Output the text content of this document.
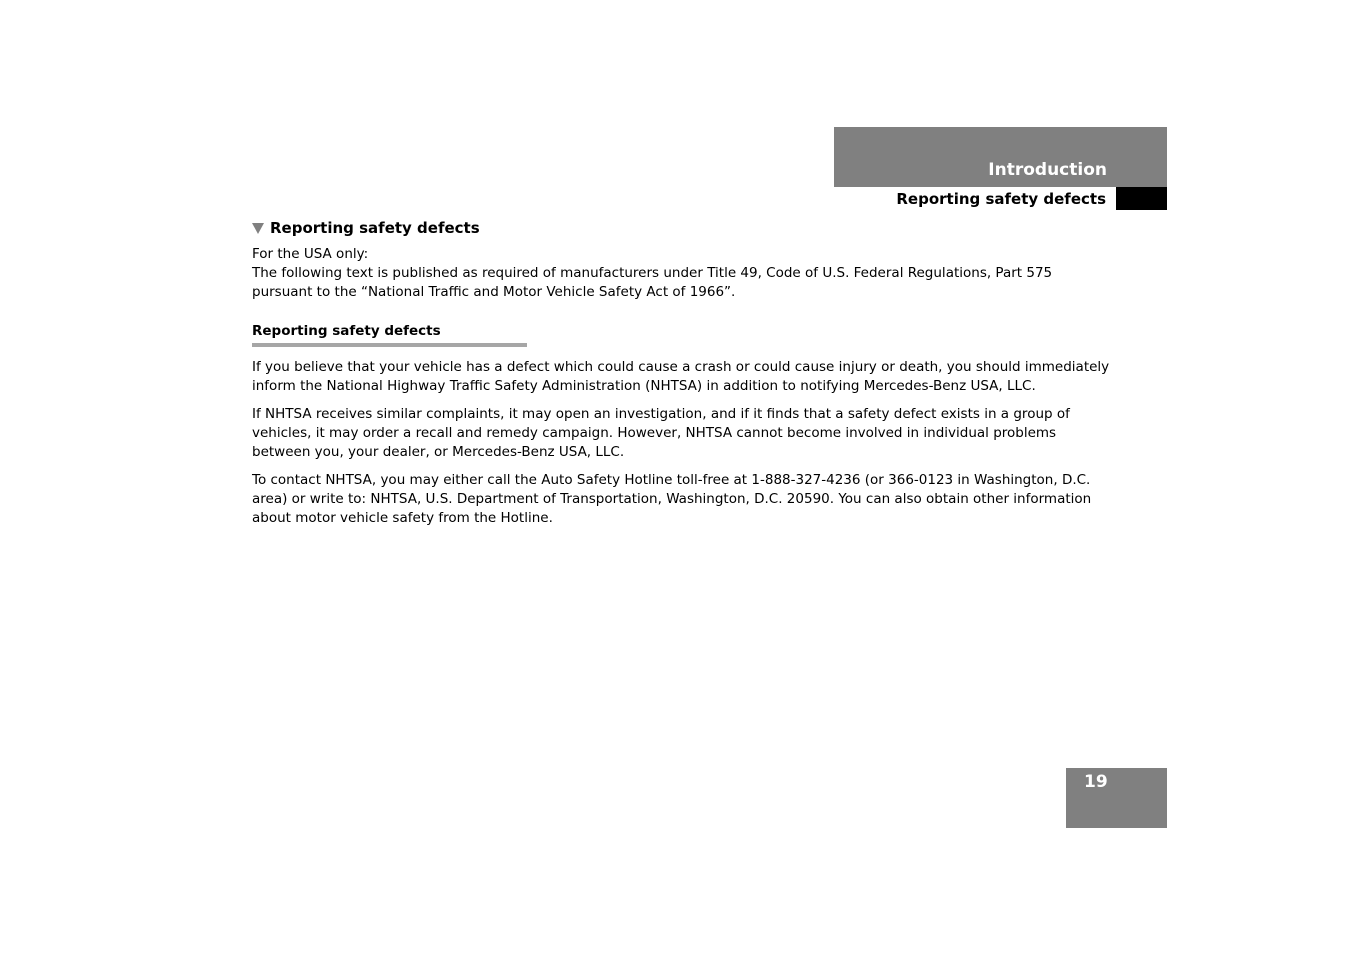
Introduction
Reporting safety defects
Reporting safety defects

For the USA only:

The following text is published as required of manufacturers under Title 49, Code of U.S. Federal Regulations, Part 575 pursuant to the “National Traffic and Motor Vehicle Safety Act of 1966”.

Reporting safety defects

If you believe that your vehicle has a defect which could cause a crash or could cause injury or death, you should immediately inform the National Highway Traffic Safety Administration (NHTSA) in addition to notifying Mercedes-Benz USA, LLC.

If NHTSA receives similar complaints, it may open an investigation, and if it finds that a safety defect exists in a group of vehicles, it may order a recall and remedy campaign. However, NHTSA cannot become involved in individual problems between you, your dealer, or Mercedes-Benz USA, LLC.

To contact NHTSA, you may either call the Auto Safety Hotline toll-free at 1-888-327-4236 (or 366-0123 in Washington, D.C. area) or write to: NHTSA, U.S. Department of Transportation, Washington, D.C. 20590. You can also obtain other information about motor vehicle safety from the Hotline.

19
